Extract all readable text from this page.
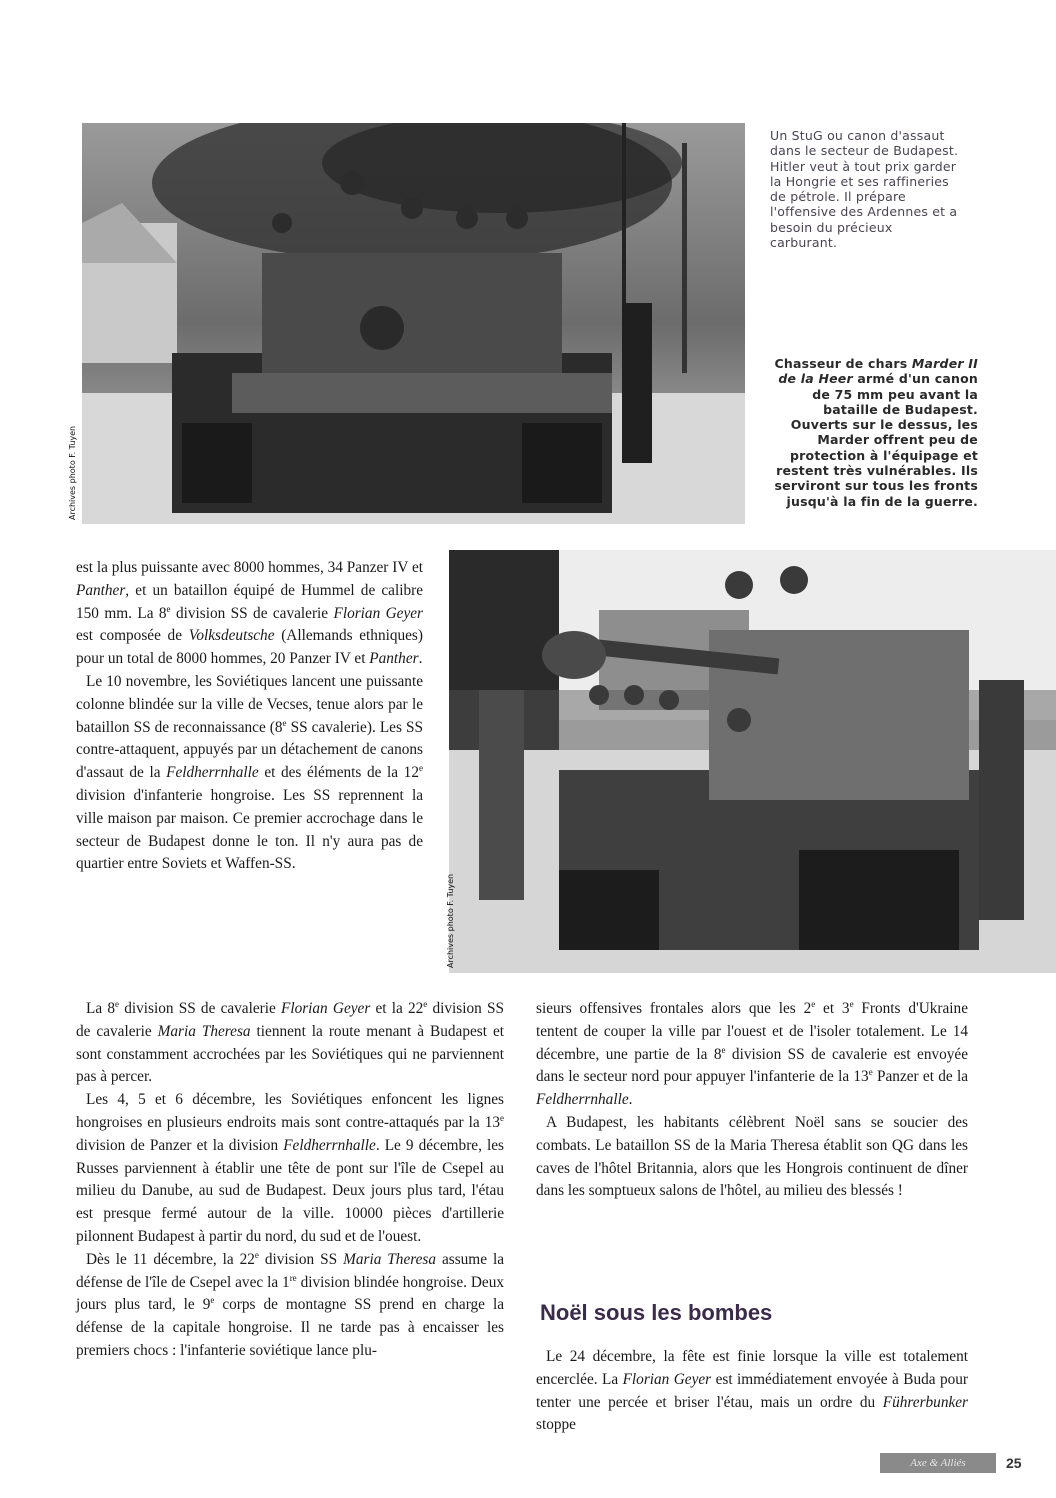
Archives photo F. Tuyen
Un StuG ou canon d'assaut dans le secteur de Budapest. Hitler veut à tout prix garder la Hongrie et ses raffineries de pétrole. Il prépare l'offensive des Ardennes et a besoin du précieux carburant.
Chasseur de chars Marder II de la Heer armé d'un canon de 75 mm peu avant la bataille de Budapest. Ouverts sur le dessus, les Marder offrent peu de protection à l'équipage et restent très vulnérables. Ils serviront sur tous les fronts jusqu'à la fin de la guerre.
Archives photo F. Tuyen

est la plus puissante avec 8000 hommes, 34 Panzer IV et Panther, et un bataillon équipé de Hummel de calibre 150 mm. La 8e division SS de cavalerie Florian Geyer est composée de Volksdeutsche (Allemands ethniques) pour un total de 8000 hommes, 20 Panzer IV et Panther.

Le 10 novembre, les Soviétiques lancent une puissante colonne blindée sur la ville de Vecses, tenue alors par le bataillon SS de reconnaissance (8e SS cavalerie). Les SS contre-attaquent, appuyés par un détachement de canons d'assaut de la Feldherrnhalle et des éléments de la 12e division d'infanterie hongroise. Les SS reprennent la ville maison par maison. Ce premier accrochage dans le secteur de Budapest donne le ton. Il n'y aura pas de quartier entre Soviets et Waffen-SS.

La 8e division SS de cavalerie Florian Geyer et la 22e division SS de cavalerie Maria Theresa tiennent la route menant à Budapest et sont constamment accrochées par les Soviétiques qui ne parviennent pas à percer.

Les 4, 5 et 6 décembre, les Soviétiques enfoncent les lignes hongroises en plusieurs endroits mais sont contre-attaqués par la 13e division de Panzer et la division Feldherrnhalle. Le 9 décembre, les Russes parviennent à établir une tête de pont sur l'île de Csepel au milieu du Danube, au sud de Budapest. Deux jours plus tard, l'étau est presque fermé autour de la ville. 10000 pièces d'artillerie pilonnent Budapest à partir du nord, du sud et de l'ouest.

Dès le 11 décembre, la 22e division SS Maria Theresa assume la défense de l'île de Csepel avec la 1re division blindée hongroise. Deux jours plus tard, le 9e corps de montagne SS prend en charge la défense de la capitale hongroise. Il ne tarde pas à encaisser les premiers chocs : l'infanterie soviétique lance plu-

sieurs offensives frontales alors que les 2e et 3e Fronts d'Ukraine tentent de couper la ville par l'ouest et de l'isoler totalement. Le 14 décembre, une partie de la 8e division SS de cavalerie est envoyée dans le secteur nord pour appuyer l'infanterie de la 13e Panzer et de la Feldherrnhalle.

A Budapest, les habitants célèbrent Noël sans se soucier des combats. Le bataillon SS de la Maria Theresa établit son QG dans les caves de l'hôtel Britannia, alors que les Hongrois continuent de dîner dans les somptueux salons de l'hôtel, au milieu des blessés !

Noël sous les bombes

Le 24 décembre, la fête est finie lorsque la ville est totalement encerclée. La Florian Geyer est immédiatement envoyée à Buda pour tenter une percée et briser l'étau, mais un ordre du Führerbunker stoppe

Axe & Alliés	25
